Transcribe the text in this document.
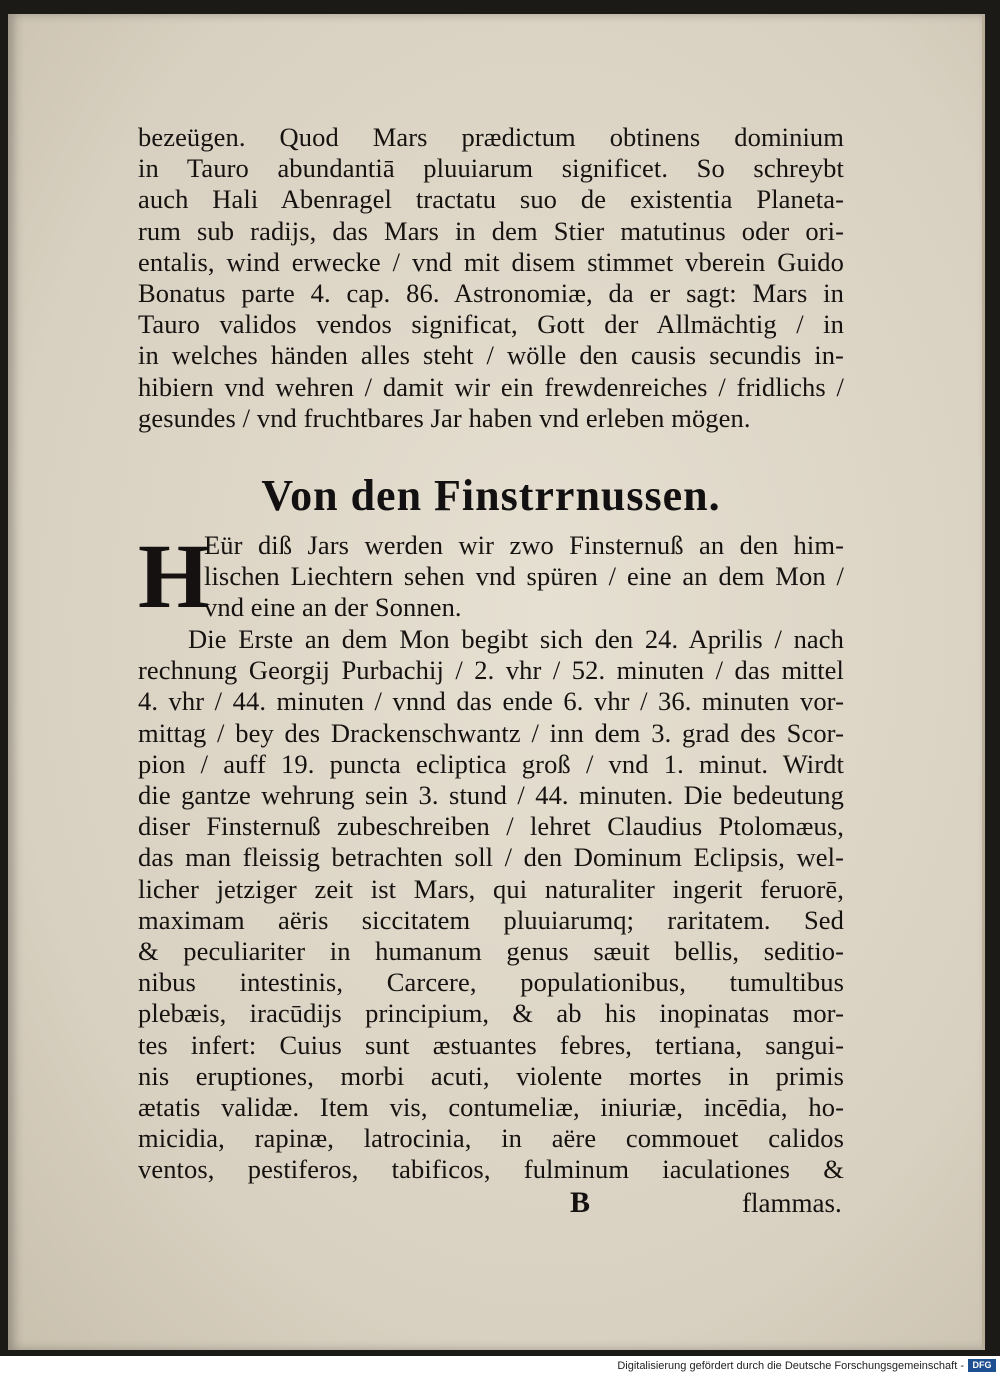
bezeügen. Quod Mars prædictum obtinens dominium
in Tauro abundantiā pluuiarum significet. So schreybt
auch Hali Abenragel tractatu suo de existentia Planeta-
rum sub radijs, das Mars in dem Stier matutinus oder ori-
entalis, wind erwecke / vnd mit disem stimmet vberein Guido
Bonatus parte 4. cap. 86. Astronomiæ, da er sagt: Mars in
Tauro validos vendos significat, Gott der Allmächtig / in
in welches händen alles steht / wölle den causis secundis in-
hibiern vnd wehren / damit wir ein frewdenreiches / fridlichs /
gesundes / vnd fruchtbares Jar haben vnd erleben mögen.
Von den Finstrrnussen.
H
Eür diß Jars werden wir zwo Finsternuß an den him-
lischen Liechtern sehen vnd spüren / eine an dem Mon /
vnd eine an der Sonnen.
Die Erste an dem Mon begibt sich den 24. Aprilis / nach
rechnung Georgij Purbachij / 2. vhr / 52. minuten / das mittel
4. vhr / 44. minuten / vnnd das ende 6. vhr / 36. minuten vor-
mittag / bey des Drackenschwantz / inn dem 3. grad des Scor-
pion / auff 19. puncta ecliptica groß / vnd 1. minut. Wirdt
die gantze wehrung sein 3. stund / 44. minuten. Die bedeutung
diser Finsternuß zubeschreiben / lehret Claudius Ptolomæus,
das man fleissig betrachten soll / den Dominum Eclipsis, wel-
licher jetziger zeit ist Mars, qui naturaliter ingerit feruorē,
maximam aëris siccitatem pluuiarumq; raritatem. Sed
& peculiariter in humanum genus sæuit bellis, seditio-
nibus intestinis, Carcere, populationibus, tumultibus
plebæis, iracūdijs principium, & ab his inopinatas mor-
tes infert: Cuius sunt æstuantes febres, tertiana, sangui-
nis eruptiones, morbi acuti, violente mortes in primis
ætatis validæ. Item vis, contumeliæ, iniuriæ, incēdia, ho-
micidia, rapinæ, latrocinia, in aëre commouet calidos
ventos, pestiferos, tabificos, fulminum iaculationes &
B	flammas.
Digitalisierung gefördert durch die Deutsche Forschungsgemeinschaft - DFG
